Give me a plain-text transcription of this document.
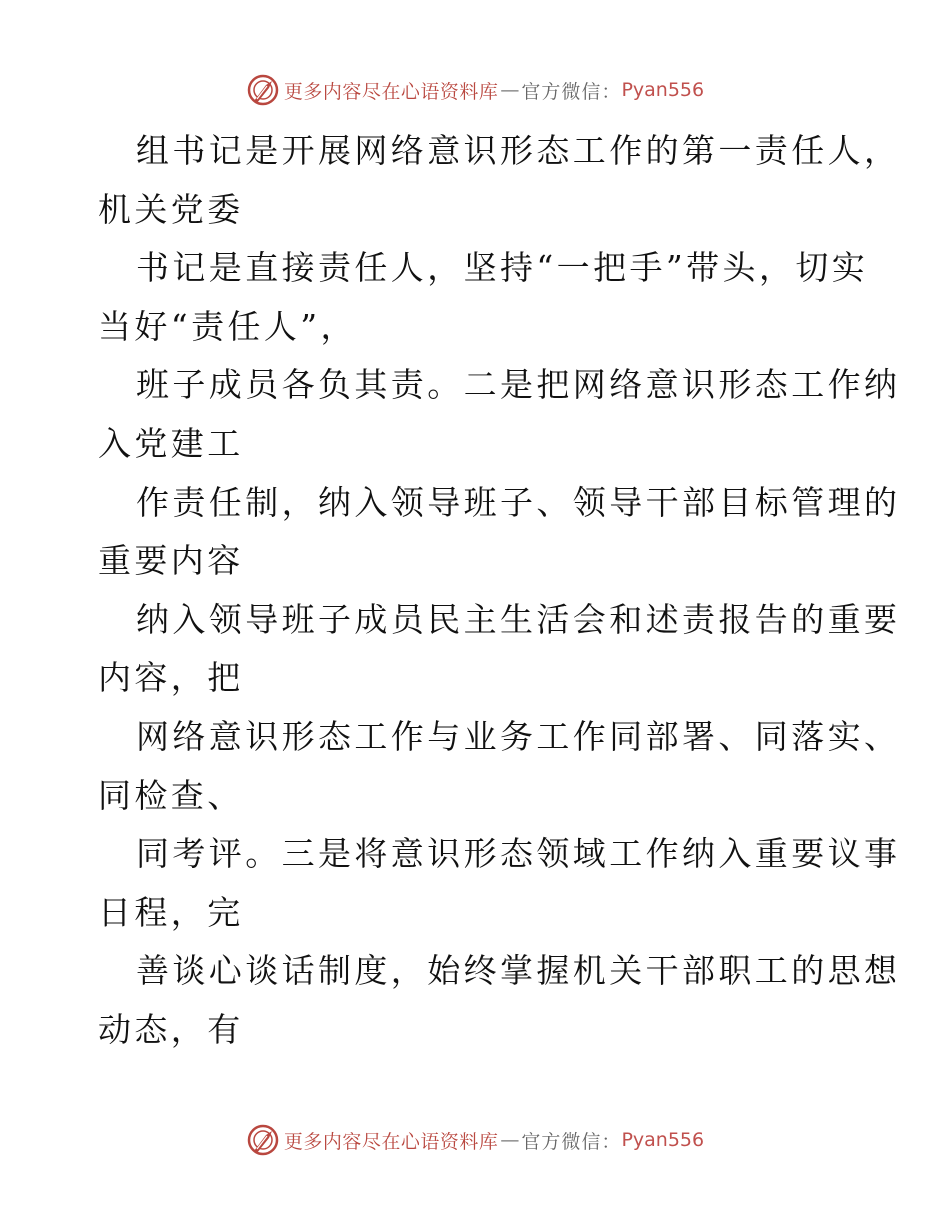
更多内容尽在心语资料库 — 官方微信： Pyan556
组书记是开展网络意识形态工作的第一责任人，
机关党委
书记是直接责任人，坚持“一把手”带头，切实
当好“责任人”，
班子成员各负其责。二是把网络意识形态工作纳
入党建工
作责任制，纳入领导班子、领导干部目标管理的
重要内容
纳入领导班子成员民主生活会和述责报告的重要
内容，把
网络意识形态工作与业务工作同部署、同落实、
同检查、
同考评。三是将意识形态领域工作纳入重要议事
日程，完
善谈心谈话制度，始终掌握机关干部职工的思想
动态，有
更多内容尽在心语资料库 — 官方微信： Pyan556
